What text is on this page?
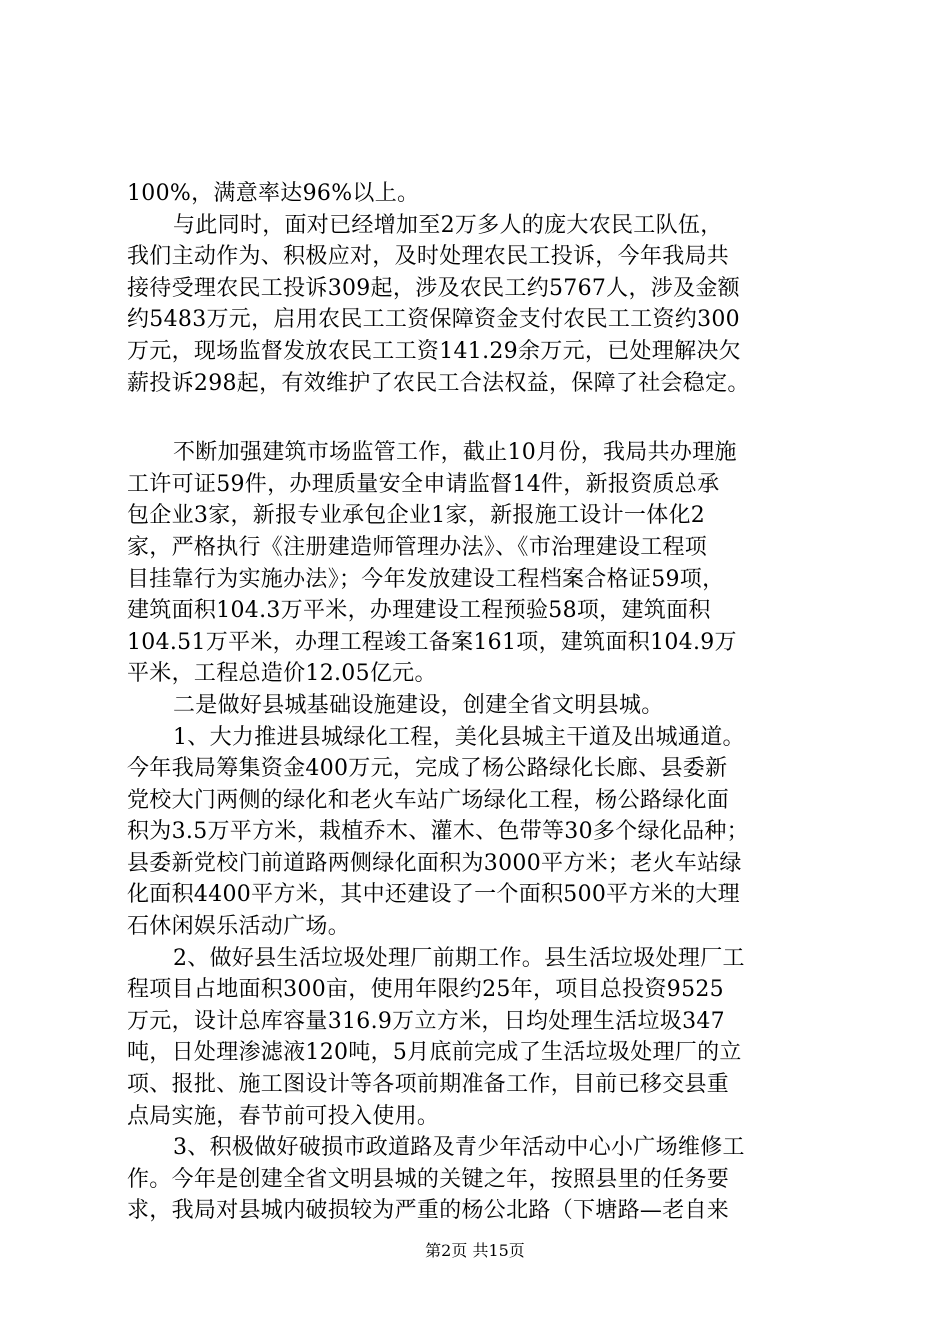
100%，满意率达96%以上。
与此同时，面对已经增加至2万多人的庞大农民工队伍，
我们主动作为、积极应对，及时处理农民工投诉，今年我局共
接待受理农民工投诉309起，涉及农民工约5767人，涉及金额
约5483万元，启用农民工工资保障资金支付农民工工资约300
万元，现场监督发放农民工工资141.29余万元，已处理解决欠
薪投诉298起，有效维护了农民工合法权益，保障了社会稳定。
不断加强建筑市场监管工作，截止10月份，我局共办理施
工许可证59件，办理质量安全申请监督14件，新报资质总承
包企业3家，新报专业承包企业1家，新报施工设计一体化2
家，严格执行《注册建造师管理办法》、《市治理建设工程项
目挂靠行为实施办法》；今年发放建设工程档案合格证59项，
建筑面积104.3万平米，办理建设工程预验58项，建筑面积
104.51万平米，办理工程竣工备案161项，建筑面积104.9万
平米，工程总造价12.05亿元。
二是做好县城基础设施建设，创建全省文明县城。
1、大力推进县城绿化工程，美化县城主干道及出城通道。
今年我局筹集资金400万元，完成了杨公路绿化长廊、县委新
党校大门两侧的绿化和老火车站广场绿化工程，杨公路绿化面
积为3.5万平方米，栽植乔木、灌木、色带等30多个绿化品种；
县委新党校门前道路两侧绿化面积为3000平方米；老火车站绿
化面积4400平方米，其中还建设了一个面积500平方米的大理
石休闲娱乐活动广场。
2、做好县生活垃圾处理厂前期工作。县生活垃圾处理厂工
程项目占地面积300亩，使用年限约25年，项目总投资9525
万元，设计总库容量316.9万立方米，日均处理生活垃圾347
吨，日处理渗滤液120吨，5月底前完成了生活垃圾处理厂的立
项、报批、施工图设计等各项前期准备工作，目前已移交县重
点局实施，春节前可投入使用。
3、积极做好破损市政道路及青少年活动中心小广场维修工
作。今年是创建全省文明县城的关键之年，按照县里的任务要
求，我局对县城内破损较为严重的杨公北路（下塘路—老自来
第2页 共15页
